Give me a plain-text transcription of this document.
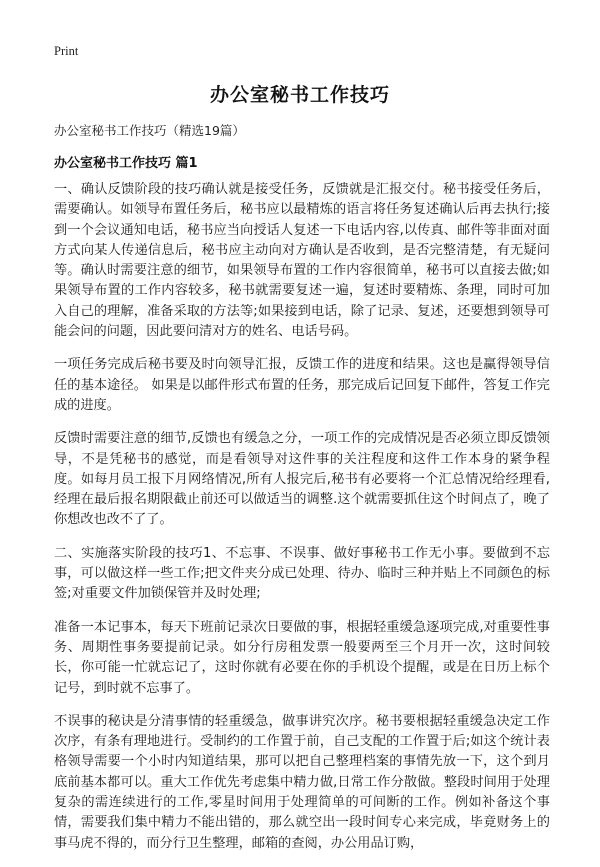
Print
办公室秘书工作技巧
办公室秘书工作技巧（精选19篇）
办公室秘书工作技巧 篇1

一、确认反馈阶段的技巧确认就是接受任务，反馈就是汇报交付。秘书接受任务后，需要确认。如领导布置任务后，秘书应以最精炼的语言将任务复述确认后再去执行;接到一个会议通知电话，秘书应当向授话人复述一下电话内容,以传真、邮件等非面对面方式向某人传递信息后，秘书应主动向对方确认是否收到，是否完整清楚，有无疑问等。确认时需要注意的细节，如果领导布置的工作内容很简单，秘书可以直接去做;如果领导布置的工作内容较多，秘书就需要复述一遍，复述时要精炼、条理，同时可加入自己的理解，准备采取的方法等;如果接到电话，除了记录、复述，还要想到领导可能会问的问题，因此要问清对方的姓名、电话号码。

一项任务完成后秘书要及时向领导汇报，反馈工作的进度和结果。这也是赢得领导信任的基本途径。 如果是以邮件形式布置的任务，那完成后记回复下邮件，答复工作完成的进度。

反馈时需要注意的细节,反馈也有缓急之分，一项工作的完成情况是否必须立即反馈领导，不是凭秘书的感觉，而是看领导对这件事的关注程度和这件工作本身的紧争程度。如每月员工报下月网络情况,所有人报完后,秘书有必要将一个汇总情况给经理看, 经理在最后报名期限截止前还可以做适当的调整.这个就需要抓住这个时间点了，晚了你想改也改不了了。

二、实施落实阶段的技巧1、不忘事、不误事、做好事秘书工作无小事。要做到不忘事，可以做这样一些工作;把文件夹分成已处理、待办、临时三种并贴上不同颜色的标签;对重要文件加锁保管并及时处理;

准备一本记事本，每天下班前记录次日要做的事，根据轻重缓急逐项完成,对重要性事务、周期性事务要提前记录。如分行房租发票一般要两至三个月开一次，这时间较长，你可能一忙就忘记了，这时你就有必要在你的手机设个提醒，或是在日历上标个记号，到时就不忘事了。

不误事的秘诀是分清事情的轻重缓急，做事讲究次序。秘书要根据轻重缓急决定工作次序，有条有理地进行。受制约的工作置于前，自己支配的工作置于后;如这个统计表格领导需要一个小时内知道结果，那可以把自己整理档案的事情先放一下，这个到月底前基本都可以。重大工作优先考虑集中精力做,日常工作分散做。整段时间用于处理复杂的需连续进行的工作,零星时间用于处理简单的可间断的工作。例如补备这个事情，需要我们集中精力不能出错的，那么就空出一段时间专心来完成，毕竟财务上的事马虎不得的，而分行卫生整理，邮箱的查阅，办公用品订购，
